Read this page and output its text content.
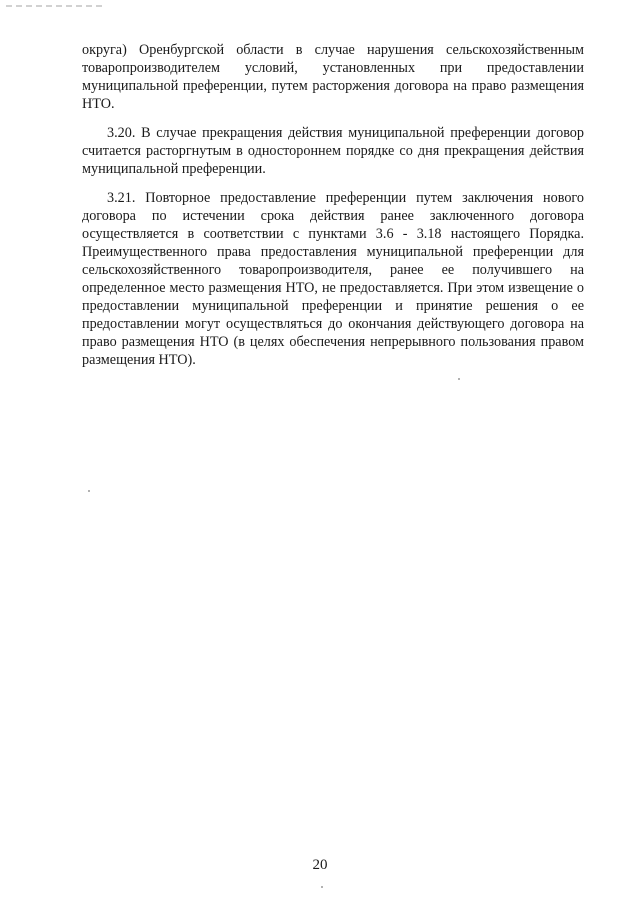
округа) Оренбургской области в случае нарушения сельскохозяйственным товаропроизводителем условий, установленных при предоставлении муниципальной преференции, путем расторжения договора на право размещения НТО.

3.20. В случае прекращения действия муниципальной преференции договор считается расторгнутым в одностороннем порядке со дня прекращения действия муниципальной преференции.

3.21. Повторное предоставление преференции путем заключения нового договора по истечении срока действия ранее заключенного договора осуществляется в соответствии с пунктами 3.6 - 3.18 настоящего Порядка. Преимущественного права предоставления муниципальной преференции для сельскохозяйственного товаропроизводителя, ранее ее получившего на определенное место размещения НТО, не предоставляется. При этом извещение о предоставлении муниципальной преференции и принятие решения о ее предоставлении могут осуществляться до окончания действующего договора на право размещения НТО (в целях обеспечения непрерывного пользования правом размещения НТО).

20
